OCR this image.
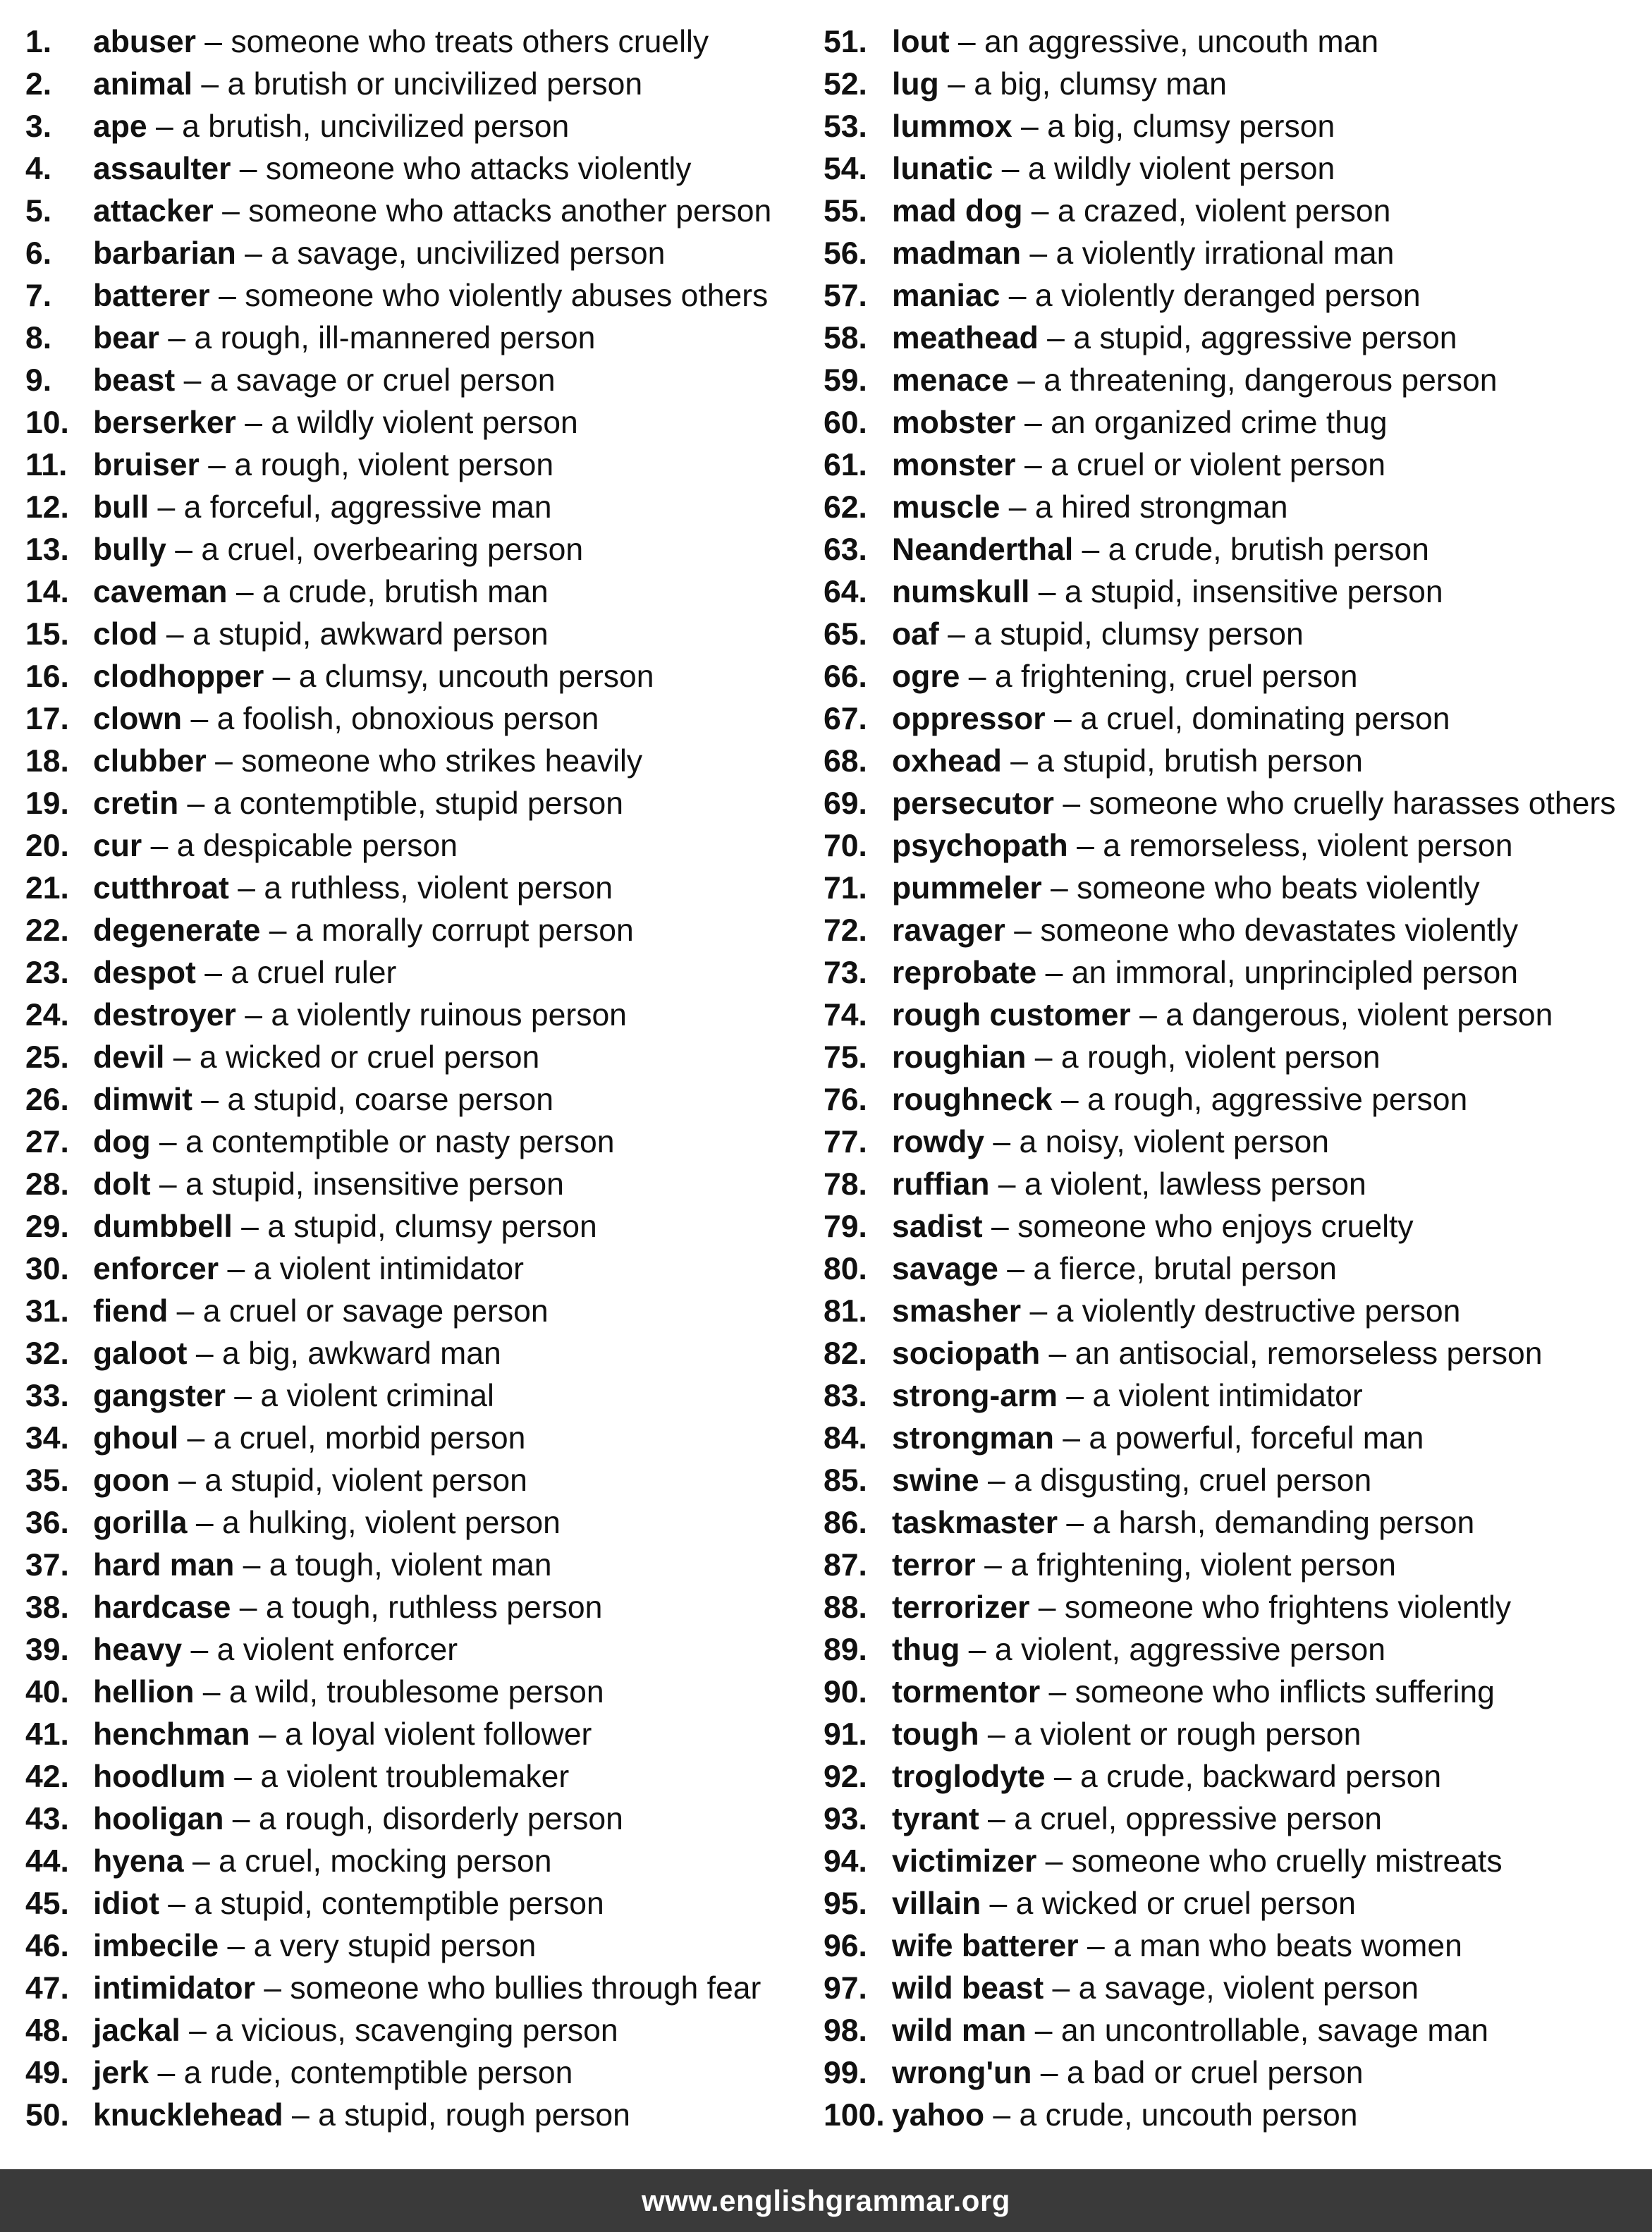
1. abuser – someone who treats others cruelly
2. animal – a brutish or uncivilized person
3. ape – a brutish, uncivilized person
4. assaulter – someone who attacks violently
5. attacker – someone who attacks another person
6. barbarian – a savage, uncivilized person
7. batterer – someone who violently abuses others
8. bear – a rough, ill-mannered person
9. beast – a savage or cruel person
10. berserker – a wildly violent person
11. bruiser – a rough, violent person
12. bull – a forceful, aggressive man
13. bully – a cruel, overbearing person
14. caveman – a crude, brutish man
15. clod – a stupid, awkward person
16. clodhopper – a clumsy, uncouth person
17. clown – a foolish, obnoxious person
18. clubber – someone who strikes heavily
19. cretin – a contemptible, stupid person
20. cur – a despicable person
21. cutthroat – a ruthless, violent person
22. degenerate – a morally corrupt person
23. despot – a cruel ruler
24. destroyer – a violently ruinous person
25. devil – a wicked or cruel person
26. dimwit – a stupid, coarse person
27. dog – a contemptible or nasty person
28. dolt – a stupid, insensitive person
29. dumbbell – a stupid, clumsy person
30. enforcer – a violent intimidator
31. fiend – a cruel or savage person
32. galoot – a big, awkward man
33. gangster – a violent criminal
34. ghoul – a cruel, morbid person
35. goon – a stupid, violent person
36. gorilla – a hulking, violent person
37. hard man – a tough, violent man
38. hardcase – a tough, ruthless person
39. heavy – a violent enforcer
40. hellion – a wild, troublesome person
41. henchman – a loyal violent follower
42. hoodlum – a violent troublemaker
43. hooligan – a rough, disorderly person
44. hyena – a cruel, mocking person
45. idiot – a stupid, contemptible person
46. imbecile – a very stupid person
47. intimidator – someone who bullies through fear
48. jackal – a vicious, scavenging person
49. jerk – a rude, contemptible person
50. knucklehead – a stupid, rough person
51. lout – an aggressive, uncouth man
52. lug – a big, clumsy man
53. lummox – a big, clumsy person
54. lunatic – a wildly violent person
55. mad dog – a crazed, violent person
56. madman – a violently irrational man
57. maniac – a violently deranged person
58. meathead – a stupid, aggressive person
59. menace – a threatening, dangerous person
60. mobster – an organized crime thug
61. monster – a cruel or violent person
62. muscle – a hired strongman
63. Neanderthal – a crude, brutish person
64. numskull – a stupid, insensitive person
65. oaf – a stupid, clumsy person
66. ogre – a frightening, cruel person
67. oppressor – a cruel, dominating person
68. oxhead – a stupid, brutish person
69. persecutor – someone who cruelly harasses others
70. psychopath – a remorseless, violent person
71. pummeler – someone who beats violently
72. ravager – someone who devastates violently
73. reprobate – an immoral, unprincipled person
74. rough customer – a dangerous, violent person
75. roughian – a rough, violent person
76. roughneck – a rough, aggressive person
77. rowdy – a noisy, violent person
78. ruffian – a violent, lawless person
79. sadist – someone who enjoys cruelty
80. savage – a fierce, brutal person
81. smasher – a violently destructive person
82. sociopath – an antisocial, remorseless person
83. strong-arm – a violent intimidator
84. strongman – a powerful, forceful man
85. swine – a disgusting, cruel person
86. taskmaster – a harsh, demanding person
87. terror – a frightening, violent person
88. terrorizer – someone who frightens violently
89. thug – a violent, aggressive person
90. tormentor – someone who inflicts suffering
91. tough – a violent or rough person
92. troglodyte – a crude, backward person
93. tyrant – a cruel, oppressive person
94. victimizer – someone who cruelly mistreats
95. villain – a wicked or cruel person
96. wife batterer – a man who beats women
97. wild beast – a savage, violent person
98. wild man – an uncontrollable, savage man
99. wrong'un – a bad or cruel person
100. yahoo – a crude, uncouth person
www.englishgrammar.org
